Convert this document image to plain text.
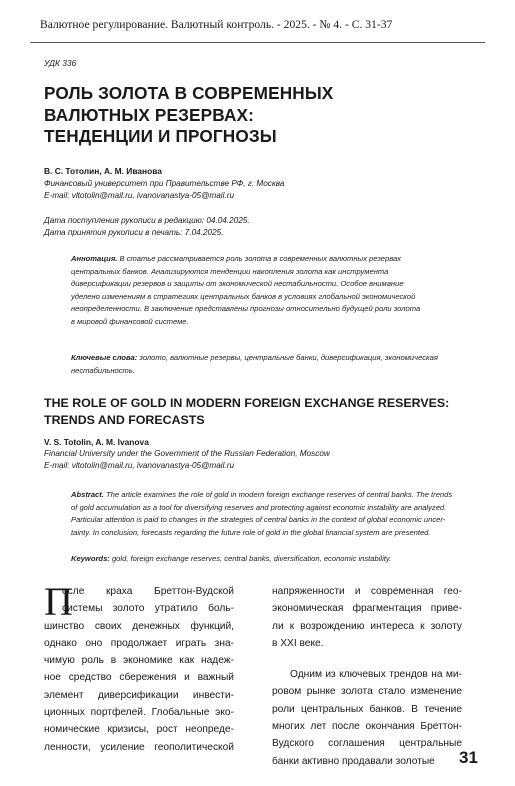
Валютное регулирование. Валютный контроль. - 2025. - № 4. - С. 31-37
УДК 336
РОЛЬ ЗОЛОТА В СОВРЕМЕННЫХ
ВАЛЮТНЫХ РЕЗЕРВАХ:
ТЕНДЕНЦИИ И ПРОГНОЗЫ
В. С. Тотолин, А. М. Иванова
Финансовый университет при Правительстве РФ, г. Москва
E-mail: vltotolin@mail.ru, ivanovanastya-05@mail.ru
Дата поступления рукописи в редакцию: 04.04.2025.
Дата принятия рукописи в печать: 7.04.2025.
Аннотация. В статье рассматривается роль золота в современных валютных резервах
центральных банков. Анализируются тенденции накопления золота как инструмента
диверсификации резервов и защиты от экономической нестабильности. Особое внимание
уделено изменениям в стратегиях центральных банков в условиях глобальной экономической
неопределенности. В заключение представлены прогнозы относительно будущей роли золота
в мировой финансовой системе.
Ключевые слова: золото, валютные резервы, центральные банки, диверсификация, экономическая
нестабильность.
THE ROLE OF GOLD IN MODERN FOREIGN EXCHANGE RESERVES:
TRENDS AND FORECASTS
V. S. Totolin, A. M. Ivanova
Financial University under the Government of the Russian Federation, Moscow
E-mail: vltotolin@mail.ru, ivanovanastya-05@mail.ru
Abstract. The article examines the role of gold in modern foreign exchange reserves of central banks. The trends
of gold accumulation as a tool for diversifying reserves and protecting against economic instability are analyzed.
Particular attention is paid to changes in the strategies of central banks in the context of global economic uncer-
tainty. In conclusion, forecasts regarding the future role of gold in the global financial system are presented.
Keywords: gold, foreign exchange reserves, central banks, diversification, economic instability.
П
осле краха Бреттон-Вудской
системы золото утратило боль-
шинство своих денежных функций,
однако оно продолжает играть зна-
чимую роль в экономике как надеж-
ное средство сбережения и важный
элемент диверсификации инвести-
ционных портфелей. Глобальные эко-
номические кризисы, рост неопреде-
ленности, усиление геополитической
напряженности и современная гео-
экономическая фрагментация приве-
ли к возрождению интереса к золоту
в XXI веке.
Одним из ключевых трендов на ми-
ровом рынке золота стало изменение
роли центральных банков. В течение
многих лет после окончания Бреттон-
Вудского соглашения центральные
банки активно продавали золотые	31
